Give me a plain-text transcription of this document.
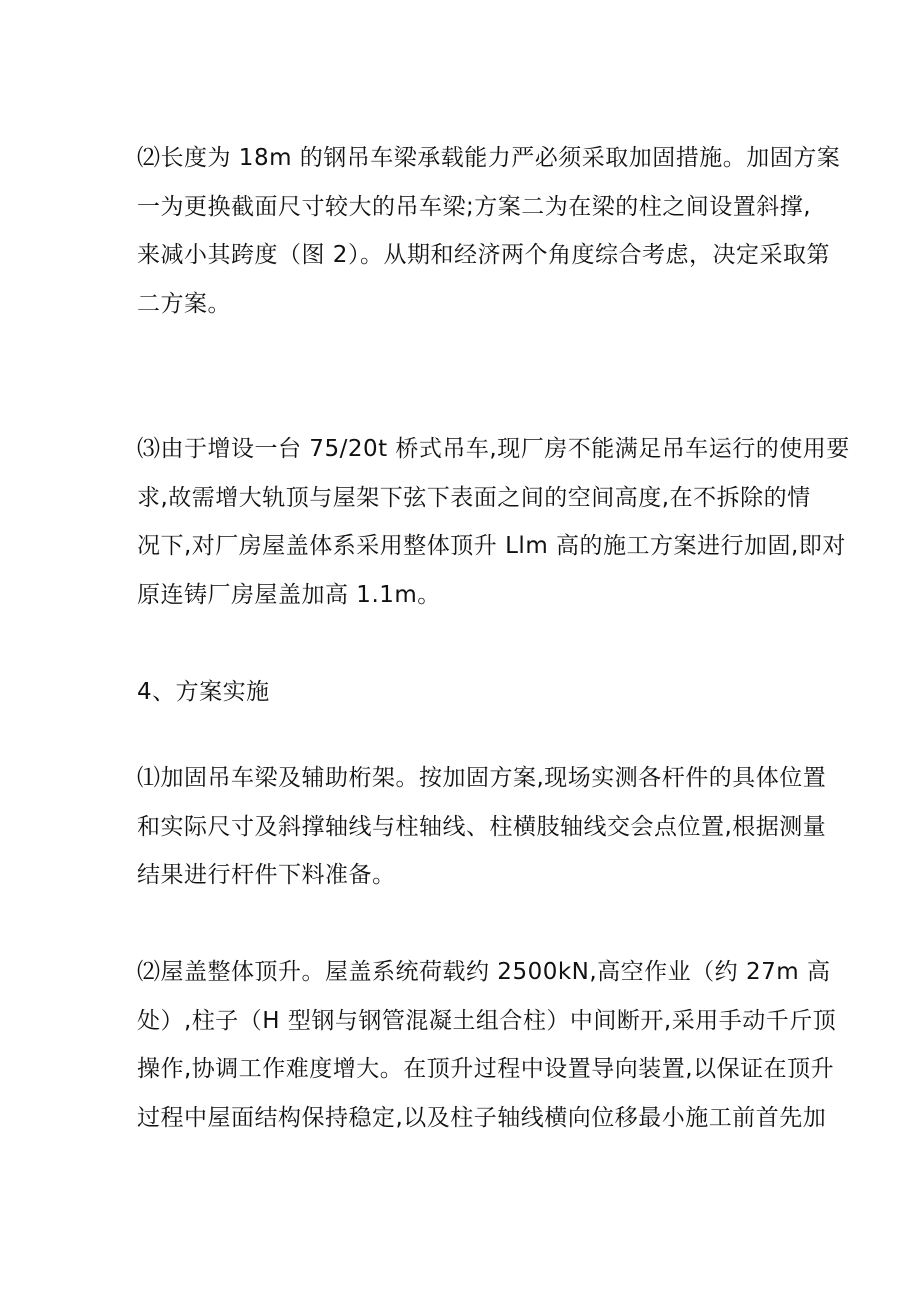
⑵长度为 18m 的钢吊车梁承载能力严必须采取加固措施。加固方案
一为更换截面尺寸较大的吊车梁;方案二为在梁的柱之间设置斜撑,
来减小其跨度（图 2）。从期和经济两个角度综合考虑，决定采取第
二方案。
⑶由于增设一台 75/20t 桥式吊车,现厂房不能满足吊车运行的使用要
求,故需增大轨顶与屋架下弦下表面之间的空间高度,在不拆除的情
况下,对厂房屋盖体系采用整体顶升 Llm 高的施工方案进行加固,即对
原连铸厂房屋盖加高 1.1m。
4、方案实施
⑴加固吊车梁及辅助桁架。按加固方案,现场实测各杆件的具体位置
和实际尺寸及斜撑轴线与柱轴线、柱横肢轴线交会点位置,根据测量
结果进行杆件下料准备。
⑵屋盖整体顶升。屋盖系统荷载约 2500kN,高空作业（约 27m 高
处）,柱子（H 型钢与钢管混凝土组合柱）中间断开,采用手动千斤顶
操作,协调工作难度增大。在顶升过程中设置导向装置,以保证在顶升
过程中屋面结构保持稳定,以及柱子轴线横向位移最小施工前首先加
